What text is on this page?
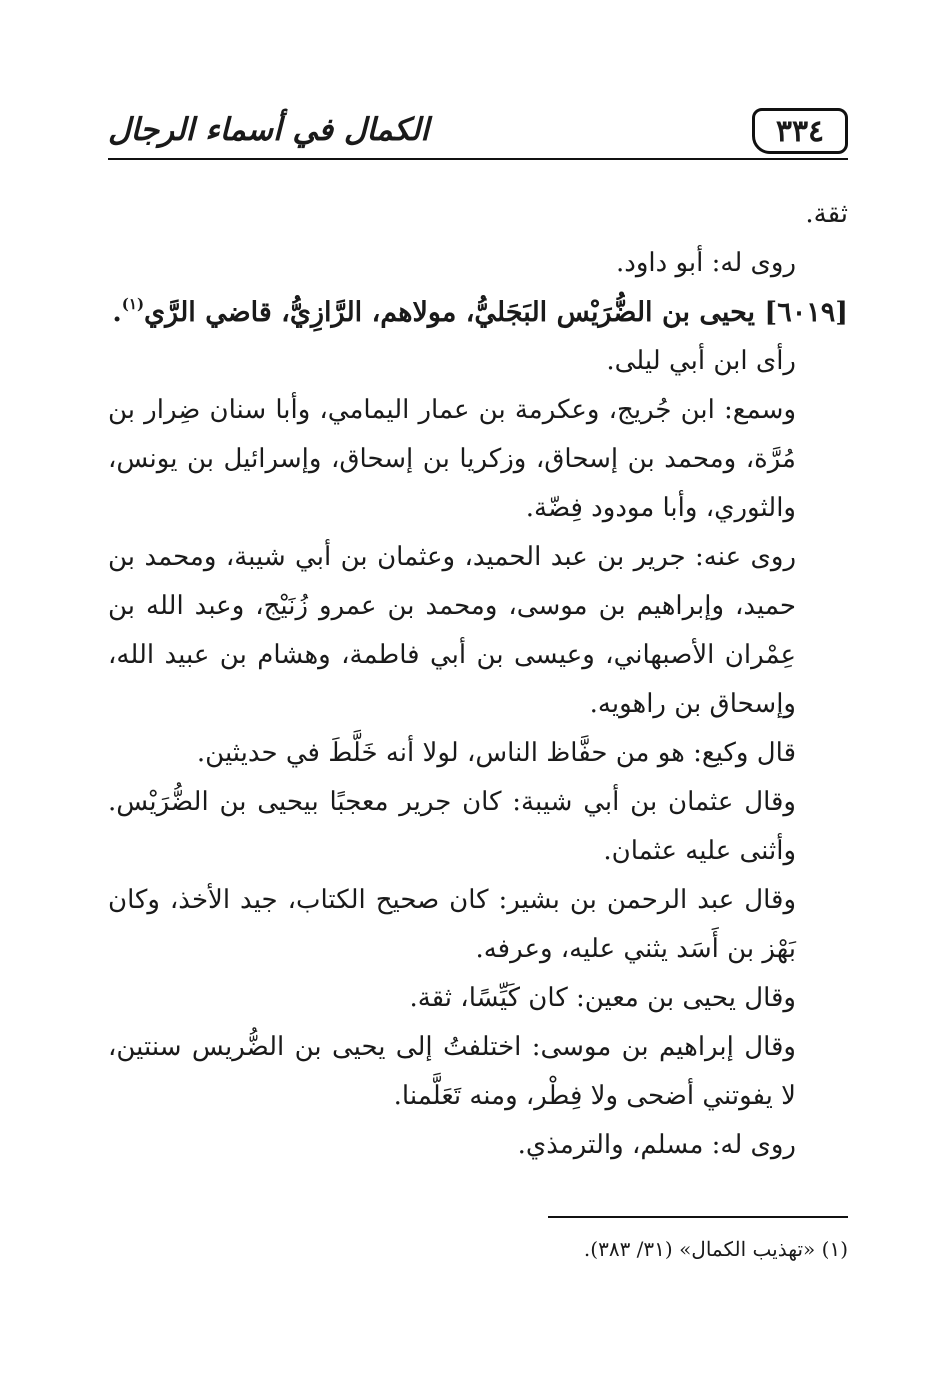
٣٣٤
الكمال في أسماء الرجال

ثقة.

روى له: أبو داود.

[٦٠١٩] يحيى بن الضُّرَيْس البَجَليُّ، مولاهم، الرَّازِيُّ، قاضي الرَّي$^{(١)}$.

رأى ابن أبي ليلى.

وسمع: ابن جُريج، وعكرمة بن عمار اليمامي، وأبا سنان ضِرار بن مُرَّة، ومحمد بن إسحاق، وزكريا بن إسحاق، وإسرائيل بن يونس، والثوري، وأبا مودود فِضّة.

روى عنه: جرير بن عبد الحميد، وعثمان بن أبي شيبة، ومحمد بن حميد، وإبراهيم بن موسى، ومحمد بن عمرو زُنَيْج، وعبد الله بن عِمْران الأصبهاني، وعيسى بن أبي فاطمة، وهشام بن عبيد الله، وإسحاق بن راهويه.

قال وكيع: هو من حفَّاظ الناس، لولا أنه خَلَّطَ في حديثين.

وقال عثمان بن أبي شيبة: كان جرير معجبًا بيحيى بن الضُّرَيْس. وأثنى عليه عثمان.

وقال عبد الرحمن بن بشير: كان صحيح الكتاب، جيد الأخذ، وكان بَهْز بن أَسَد يثني عليه، وعرفه.

وقال يحيى بن معين: كان كَيِّسًا، ثقة.

وقال إبراهيم بن موسى: اختلفتُ إلى يحيى بن الضُّريس سنتين، لا يفوتني أضحى ولا فِطْر، ومنه تَعَلَّمنا.

روى له: مسلم، والترمذي.

(١) «تهذيب الكمال» (٣١/ ٣٨٣).
